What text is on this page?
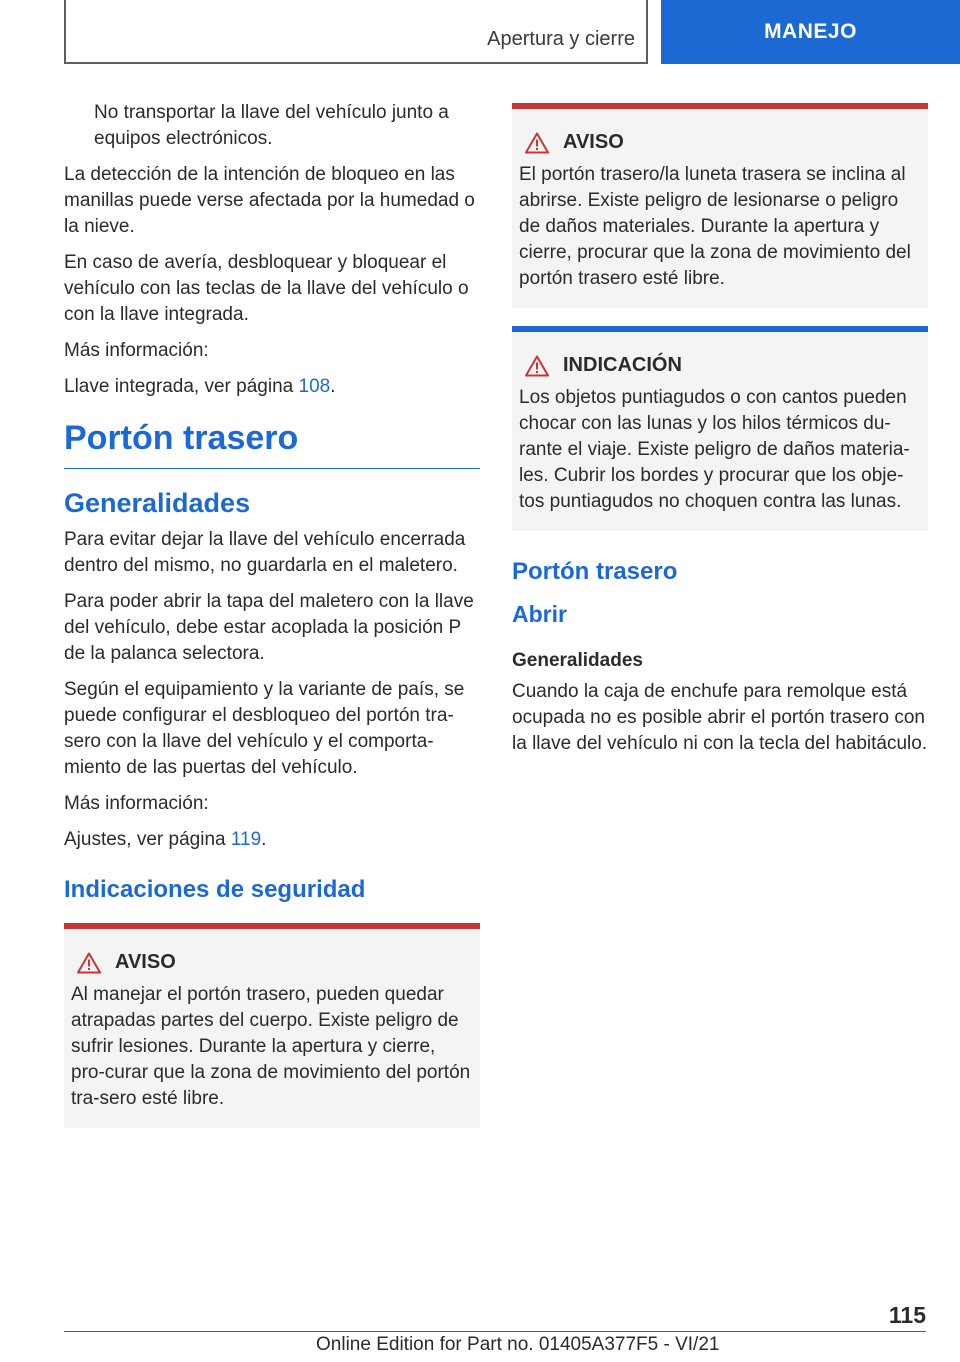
Apertura y cierre	MANEJO

No transportar la llave del vehículo junto a equipos electrónicos.

La detección de la intención de bloqueo en las manillas puede verse afectada por la humedad o la nieve.

En caso de avería, desbloquear y bloquear el vehículo con las teclas de la llave del vehículo o con la llave integrada.

Más información:

Llave integrada, ver página 108.

Portón trasero
Generalidades

Para evitar dejar la llave del vehículo encerrada dentro del mismo, no guardarla en el maletero.

Para poder abrir la tapa del maletero con la llave del vehículo, debe estar acoplada la posición P de la palanca selectora.

Según el equipamiento y la variante de país, se puede configurar el desbloqueo del portón tra‐sero con la llave del vehículo y el comporta‐miento de las puertas del vehículo.

Más información:

Ajustes, ver página 119.

Indicaciones de seguridad
AVISO

Al manejar el portón trasero, pueden quedar atrapadas partes del cuerpo. Existe peligro de sufrir lesiones. Durante la apertura y cierre, pro‐curar que la zona de movimiento del portón tra‐sero esté libre.

AVISO

El portón trasero/la luneta trasera se inclina al abrirse. Existe peligro de lesionarse o peligro de daños materiales. Durante la apertura y cierre, procurar que la zona de movimiento del portón trasero esté libre.

INDICACIÓN

Los objetos puntiagudos o con cantos pueden chocar con las lunas y los hilos térmicos du‐rante el viaje. Existe peligro de daños materia‐les. Cubrir los bordes y procurar que los obje‐tos puntiagudos no choquen contra las lunas.

Portón trasero
Abrir
Generalidades

Cuando la caja de enchufe para remolque está ocupada no es posible abrir el portón trasero con la llave del vehículo ni con la tecla del habitáculo.

115
Online Edition for Part no. 01405A377F5 - VI/21
